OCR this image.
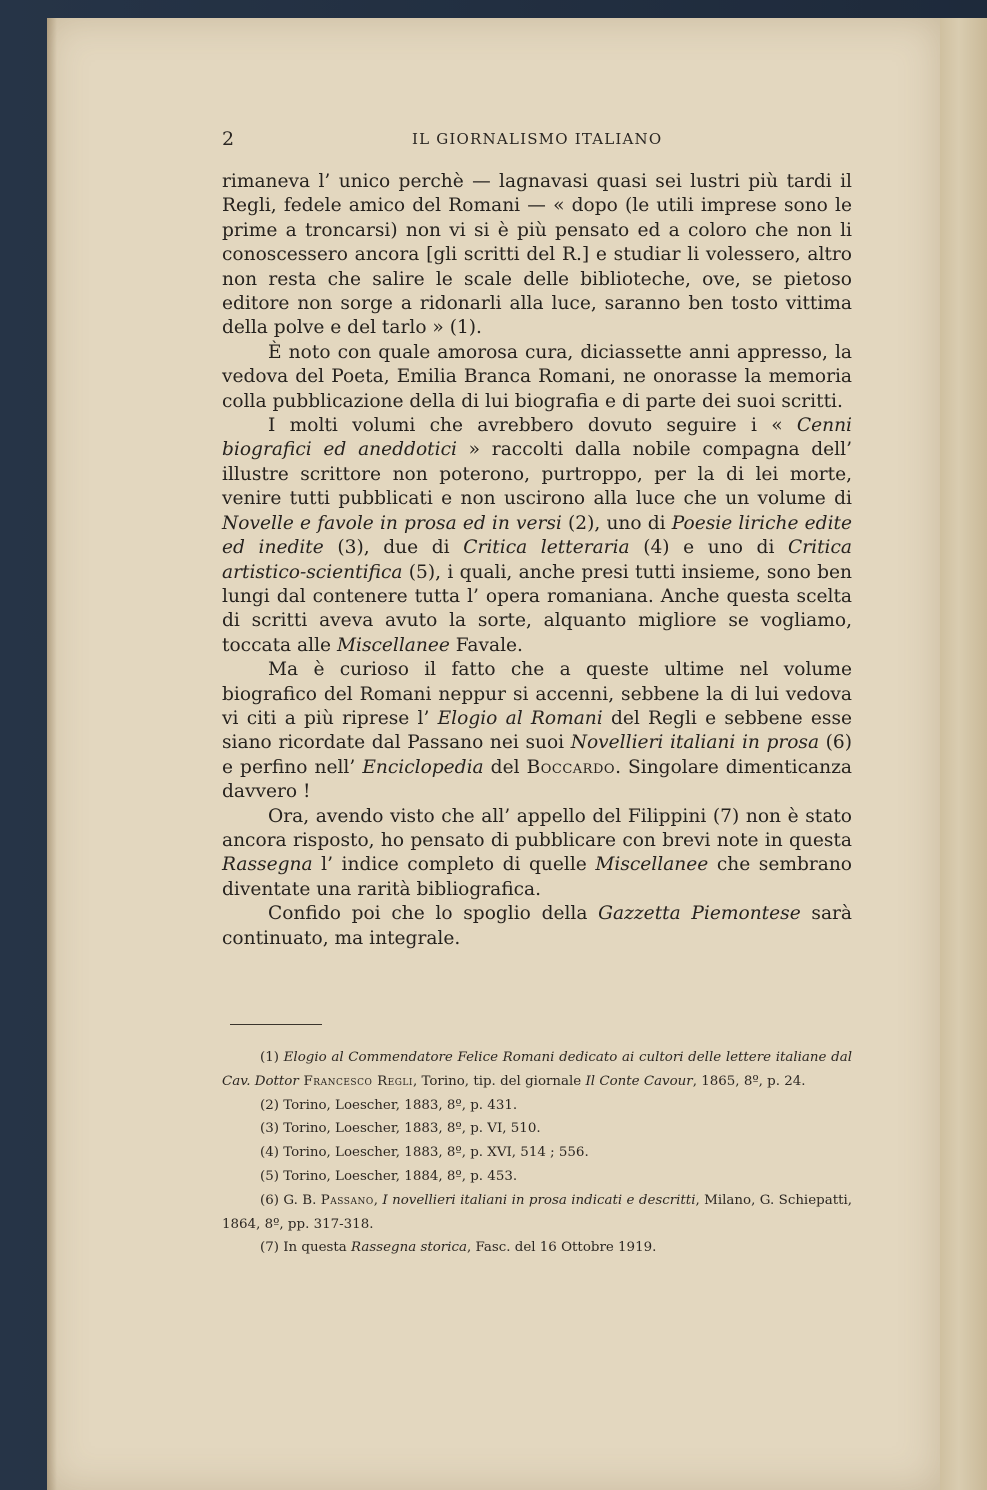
2	IL GIORNALISMO ITALIANO

rimaneva l’ unico perchè — lagnavasi quasi sei lustri più tardi il Regli, fedele amico del Romani — « dopo (le utili imprese sono le prime a troncarsi) non vi si è più pensato ed a coloro che non li conoscessero ancora [gli scritti del R.] e studiar li volessero, altro non resta che salire le scale delle biblioteche, ove, se pietoso editore non sorge a ridonarli alla luce, saranno ben tosto vittima della polve e del tarlo » (1).

È noto con quale amorosa cura, diciassette anni appresso, la vedova del Poeta, Emilia Branca Romani, ne onorasse la memoria colla pubblicazione della di lui biografia e di parte dei suoi scritti.

I molti volumi che avrebbero dovuto seguire i « Cenni biografici ed aneddotici » raccolti dalla nobile compagna dell’ illustre scrittore non poterono, purtroppo, per la di lei morte, venire tutti pubblicati e non uscirono alla luce che un volume di Novelle e favole in prosa ed in versi (2), uno di Poesie liriche edite ed inedite (3), due di Critica letteraria (4) e uno di Critica artistico-scientifica (5), i quali, anche presi tutti insieme, sono ben lungi dal contenere tutta l’ opera romaniana. Anche questa scelta di scritti aveva avuto la sorte, alquanto migliore se vogliamo, toccata alle Miscellanee Favale.

Ma è curioso il fatto che a queste ultime nel volume biografico del Romani neppur si accenni, sebbene la di lui vedova vi citi a più riprese l’ Elogio al Romani del Regli e sebbene esse siano ricordate dal Passano nei suoi Novellieri italiani in prosa (6) e perfino nell’ Enciclopedia del Boccardo. Singolare dimenticanza davvero !

Ora, avendo visto che all’ appello del Filippini (7) non è stato ancora risposto, ho pensato di pubblicare con brevi note in questa Rassegna l’ indice completo di quelle Miscellanee che sembrano diventate una rarità bibliografica.

Confido poi che lo spoglio della Gazzetta Piemontese sarà continuato, ma integrale.

(1) Elogio al Commendatore Felice Romani dedicato ai cultori delle lettere italiane dal Cav. Dottor Francesco Regli, Torino, tip. del giornale Il Conte Cavour, 1865, 8º, p. 24.

(2) Torino, Loescher, 1883, 8º, p. 431.

(3) Torino, Loescher, 1883, 8º, p. VI, 510.

(4) Torino, Loescher, 1883, 8º, p. XVI, 514 ; 556.

(5) Torino, Loescher, 1884, 8º, p. 453.

(6) G. B. Passano, I novellieri italiani in prosa indicati e descritti, Milano, G. Schiepatti, 1864, 8º, pp. 317-318.

(7) In questa Rassegna storica, Fasc. del 16 Ottobre 1919.
